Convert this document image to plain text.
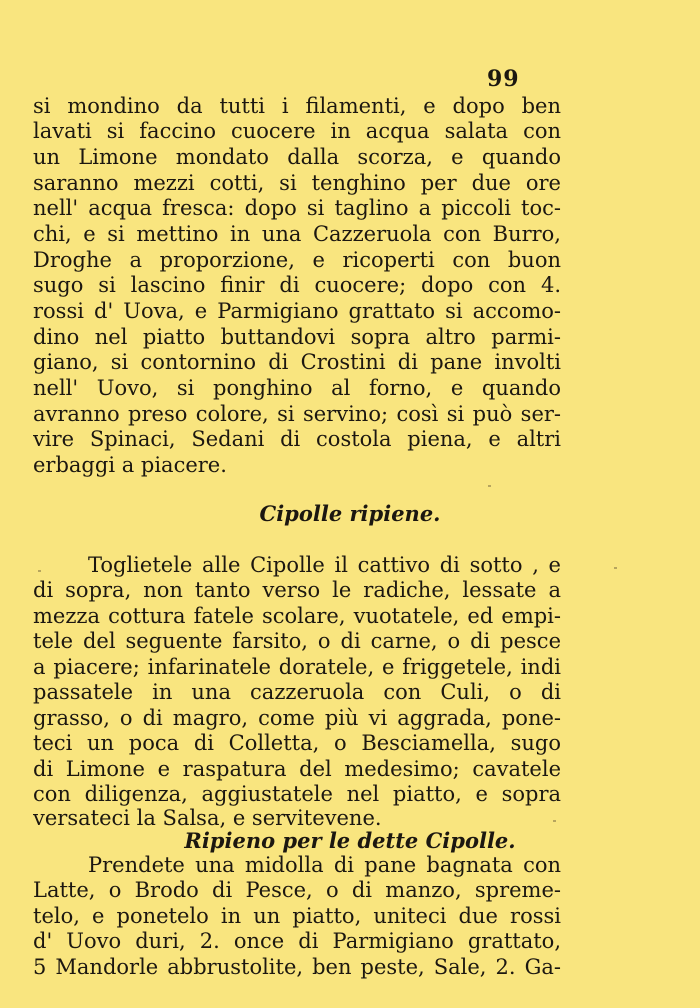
99
si mondino da tutti i filamenti, e dopo ben
lavati si faccino cuocere in acqua salata con
un Limone mondato dalla scorza, e quando
saranno mezzi cotti, si tenghino per due ore
nell' acqua fresca: dopo si taglino a piccoli toc-
chi, e si mettino in una Cazzeruola con Burro,
Droghe a proporzione, e ricoperti con buon
sugo si lascino finir di cuocere; dopo con 4.
rossi d' Uova, e Parmigiano grattato si accomo-
dino nel piatto buttandovi sopra altro parmi-
giano, si contornino di Crostini di pane involti
nell' Uovo, si ponghino al forno, e quando
avranno preso colore, si servino; così si può ser-
vire Spinaci, Sedani di costola piena, e altri
erbaggi a piacere.
Cipolle ripiene.
Toglietele alle Cipolle il cattivo di sotto , e
di sopra, non tanto verso le radiche, lessate a
mezza cottura fatele scolare, vuotatele, ed empi-
tele del seguente farsito, o di carne, o di pesce
a piacere; infarinatele doratele, e friggetele, indi
passatele in una cazzeruola con Culi, o di
grasso, o di magro, come più vi aggrada, pone-
teci un poca di Colletta, o Besciamella, sugo
di Limone e raspatura del medesimo; cavatele
con diligenza, aggiustatele nel piatto, e sopra
versateci la Salsa, e servitevene.
Ripieno per le dette Cipolle.
Prendete una midolla di pane bagnata con
Latte, o Brodo di Pesce, o di manzo, spreme-
telo, e ponetelo in un piatto, uniteci due rossi
d' Uovo duri, 2. once di Parmigiano grattato,
5 Mandorle abbrustolite, ben peste, Sale, 2. Ga-
